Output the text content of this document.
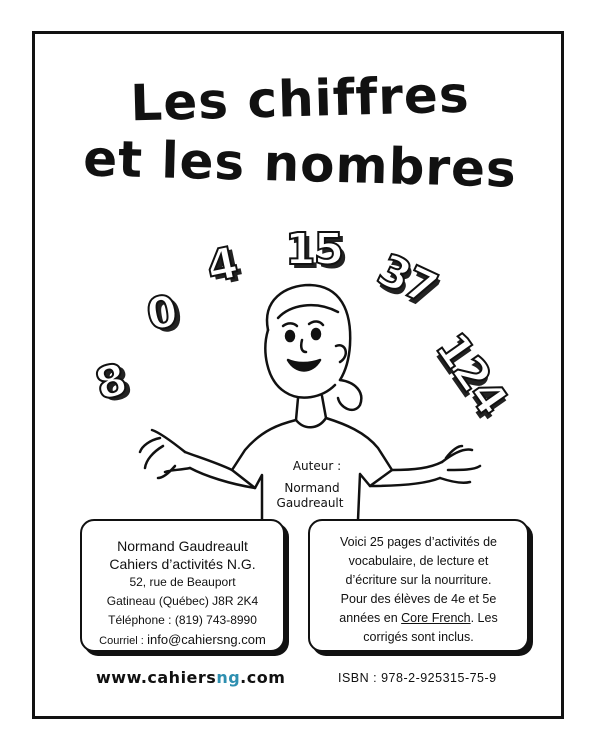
Les chiffres
et les nombres
8
0
4 15 37
124
Auteur :
Normand
Gaudreault
Normand Gaudreault
Cahiers d’activités N.G.
52, rue de Beauport
Gatineau (Québec) J8R 2K4
Téléphone : (819) 743-8990
Courriel : info@cahiersng.com
Voici 25 pages d’activités de
vocabulaire, de lecture et
d’écriture sur la nourriture.
Pour des élèves de 4e et 5e
années en Core French. Les
corrigés sont inclus.
www.cahiersng.com	ISBN : 978-2-925315-75-9
